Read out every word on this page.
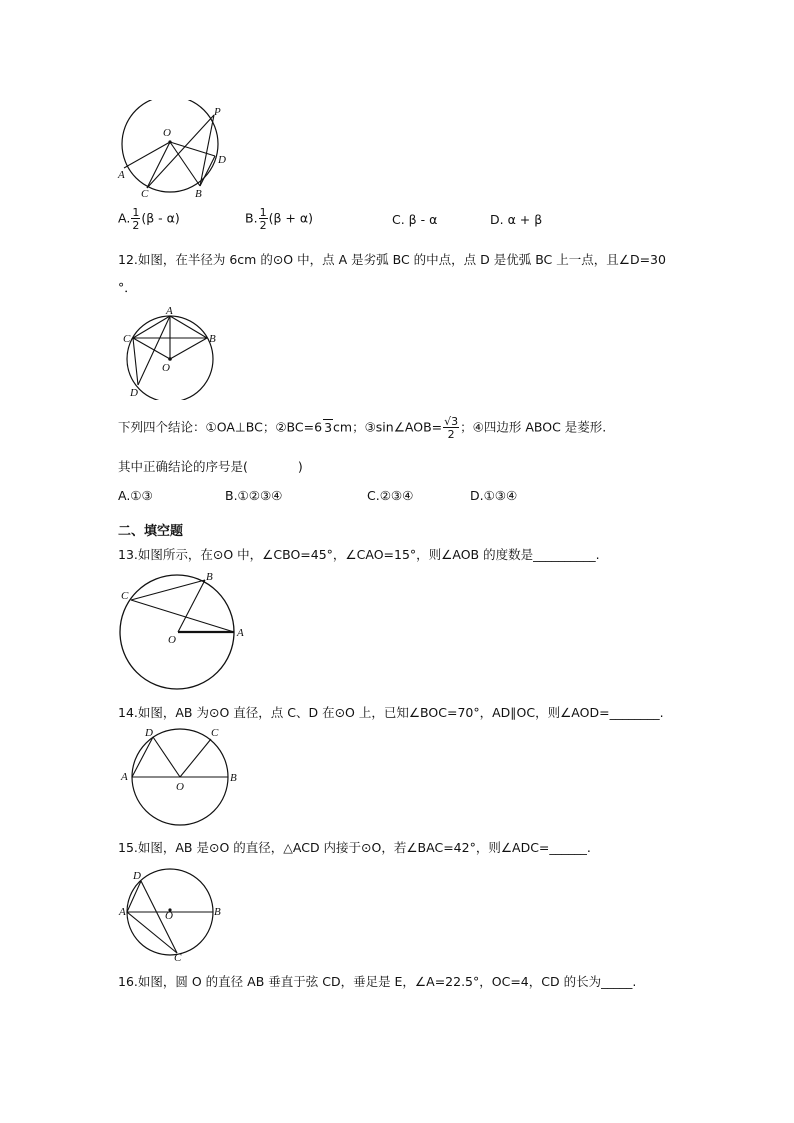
O
P
D
A
C	B
A. $\frac{1}{2} (\beta - \alpha)$	B. $\frac{1}{2} (\beta + \alpha)$	C. β - α	D. α + β
12.如图，在半径为 6cm 的⊙O 中，点 A 是劣弧 BC 的中点，点 D 是优弧 BC 上一点，且∠D=30
°．
A
C	B
O
D
下列四个结论：①OA⊥BC；②BC=6 3cm；③sin∠AOB= $\frac{√3}{2}$ ；④四边形 ABOC 是菱形.
其中正确结论的序号是(　　　　)
A.①③	B.①②③④	C.②③④	D.①③④
二、填空题
13.如图所示，在⊙O 中，∠CBO=45°，∠CAO=15°，则∠AOB 的度数是__________.
C
B
O
A
14.如图，AB 为⊙O 直径，点 C、D 在⊙O 上，已知∠BOC=70°，AD∥OC，则∠AOD=________.
D	C
A
O
B
15.如图，AB 是⊙O 的直径，△ACD 内接于⊙O，若∠BAC=42°，则∠ADC=______.
D
A	O	B
C
16.如图，圆 O 的直径 AB 垂直于弦 CD，垂足是 E，∠A=22.5°，OC=4，CD 的长为_____.
